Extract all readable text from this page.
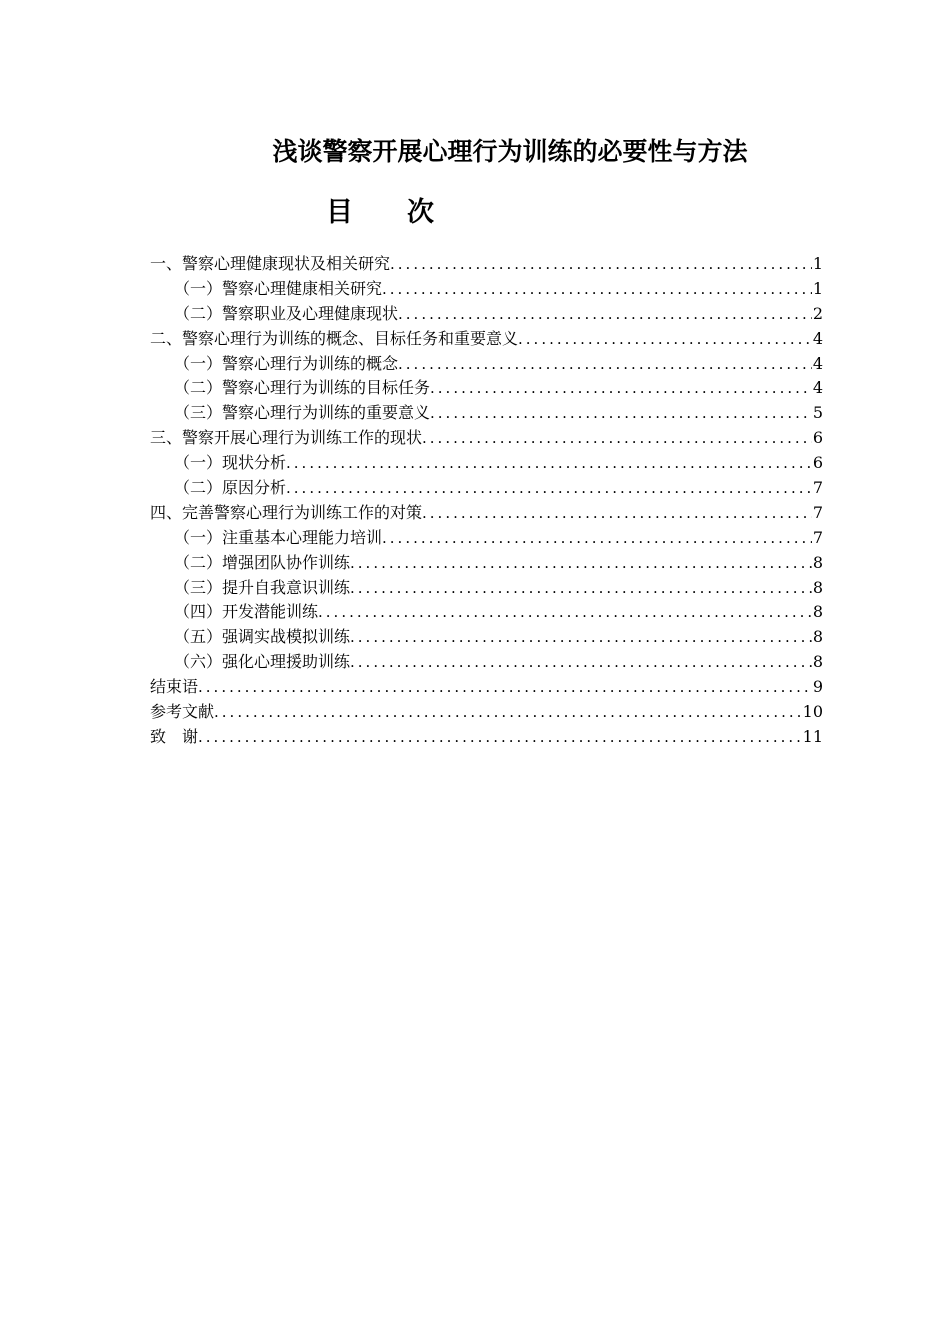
浅谈警察开展心理行为训练的必要性与方法
目 次
一、警察心理健康现状及相关研究 .....	1
（一）警察心理健康相关研究 .....	1
（二）警察职业及心理健康现状 .....	2
二、警察心理行为训练的概念、目标任务和重要意义 .....	4
（一）警察心理行为训练的概念 .....	4
（二）警察心理行为训练的目标任务 .....	4
（三）警察心理行为训练的重要意义 .....	5
三、警察开展心理行为训练工作的现状 .....	6
（一）现状分析 .....	6
（二）原因分析 .....	7
四、完善警察心理行为训练工作的对策 .....	7
（一）注重基本心理能力培训 .....	7
（二）增强团队协作训练 .....	8
（三）提升自我意识训练 .....	8
（四）开发潜能训练 .....	8
（五）强调实战模拟训练 .....	8
（六）强化心理援助训练 .....	8
结束语 .....	9
参考文献 .....	10
致　谢 .....	11
